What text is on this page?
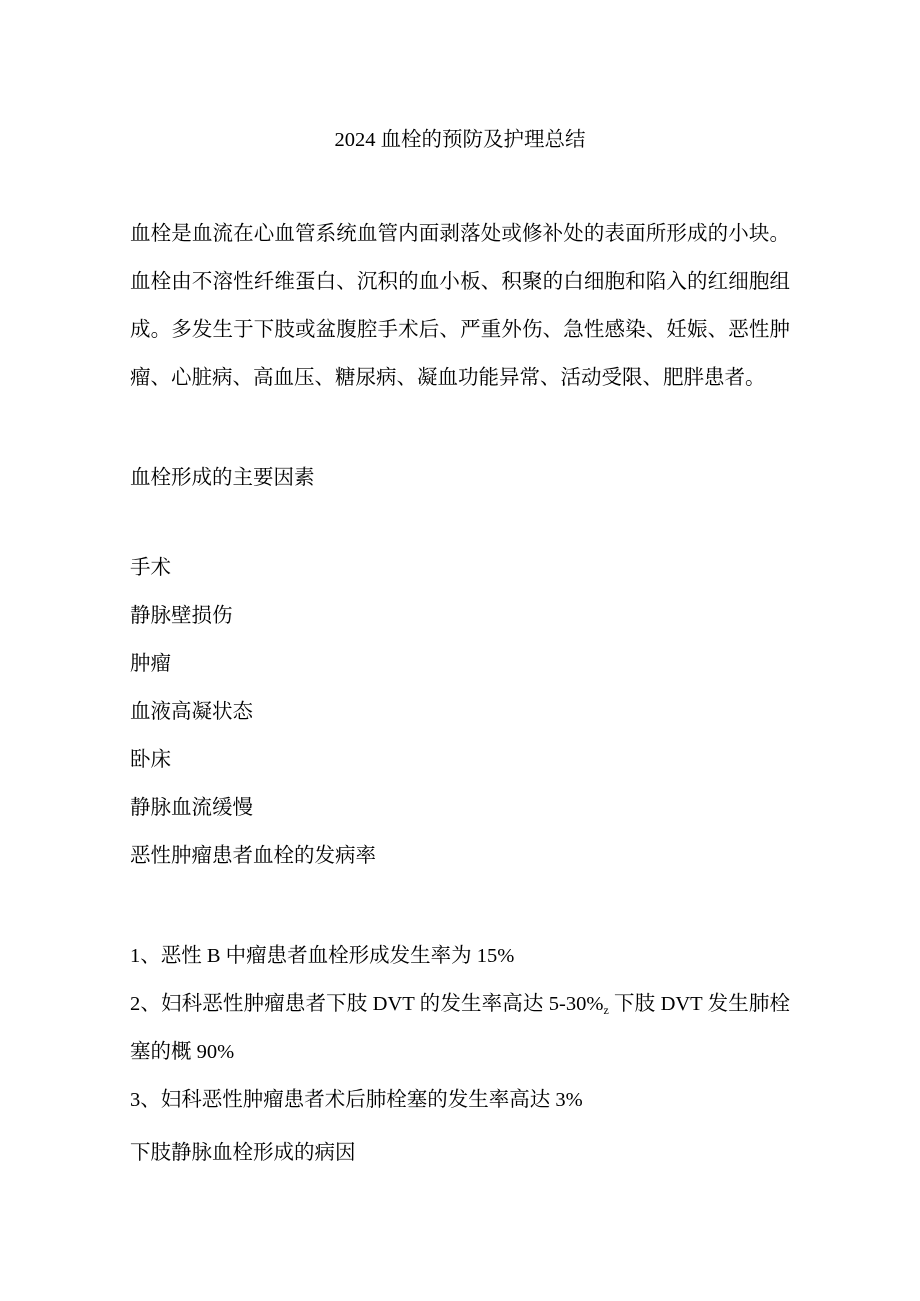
2024 血栓的预防及护理总结
血栓是血流在心血管系统血管内面剥落处或修补处的表面所形成的小块。
血栓由不溶性纤维蛋白、沉积的血小板、积聚的白细胞和陷入的红细胞组
成。多发生于下肢或盆腹腔手术后、严重外伤、急性感染、妊娠、恶性肿
瘤、心脏病、高血压、糖尿病、凝血功能异常、活动受限、肥胖患者。
血栓形成的主要因素
手术
静脉壁损伤
肿瘤
血液高凝状态
卧床
静脉血流缓慢
恶性肿瘤患者血栓的发病率
1、恶性 B 中瘤患者血栓形成发生率为 15%
2、妇科恶性肿瘤患者下肢 DVT 的发生率高达 $5-30\%_z$ 下肢 DVT 发生肺栓
塞的概 90%
3、妇科恶性肿瘤患者术后肺栓塞的发生率高达 3%
下肢静脉血栓形成的病因
